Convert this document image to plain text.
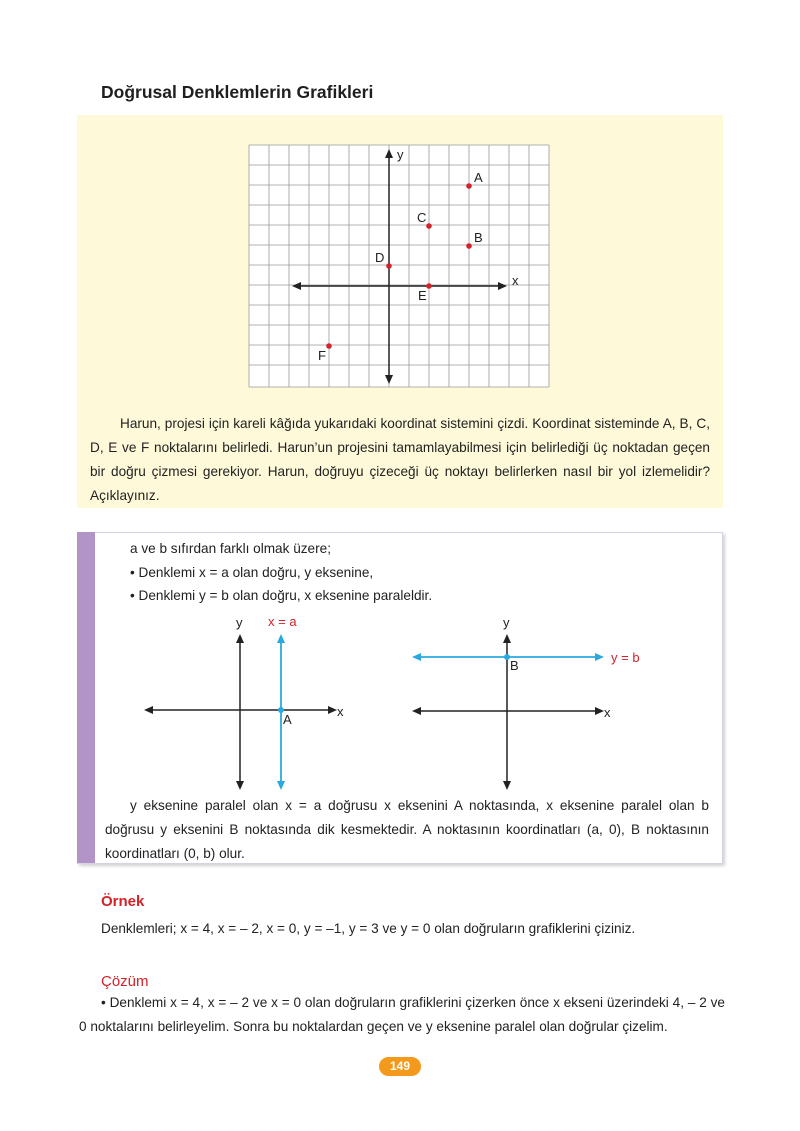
Doğrusal Denklemlerin Grafikleri
y
x
A
B
C
D
E
F
Harun, projesi için kareli kâğıda yukarıdaki koordinat sistemini çizdi. Koordinat sisteminde A, B, C, D, E ve F noktalarını belirledi. Harun’un projesini tamamlayabilmesi için belirlediği üç noktadan geçen bir doğru çizmesi gerekiyor. Harun, doğruyu çizeceği üç noktayı belirlerken nasıl bir yol izlemelidir? Açıklayınız.
a ve b sıfırdan farklı olmak üzere;
• Denklemi x = a olan doğru, y eksenine,
• Denklemi y = b olan doğru, x eksenine paraleldir.
y
x
x = a
A
y
x
y = b
B
y eksenine paralel olan x = a doğrusu x eksenini A noktasında, x eksenine paralel olan b doğrusu y eksenini B noktasında dik kesmektedir. A noktasının koordinatları (a, 0), B noktasının koordinatları (0, b) olur.
Örnek
Denklemleri; x = 4, x = – 2, x = 0, y = –1, y = 3 ve y = 0 olan doğruların grafiklerini çiziniz.
Çözüm
• Denklemi x = 4, x = – 2 ve x = 0 olan doğruların grafiklerini çizerken önce x ekseni üzerindeki 4, – 2 ve 0 noktalarını belirleyelim. Sonra bu noktalardan geçen ve y eksenine paralel olan doğrular çizelim.
149
